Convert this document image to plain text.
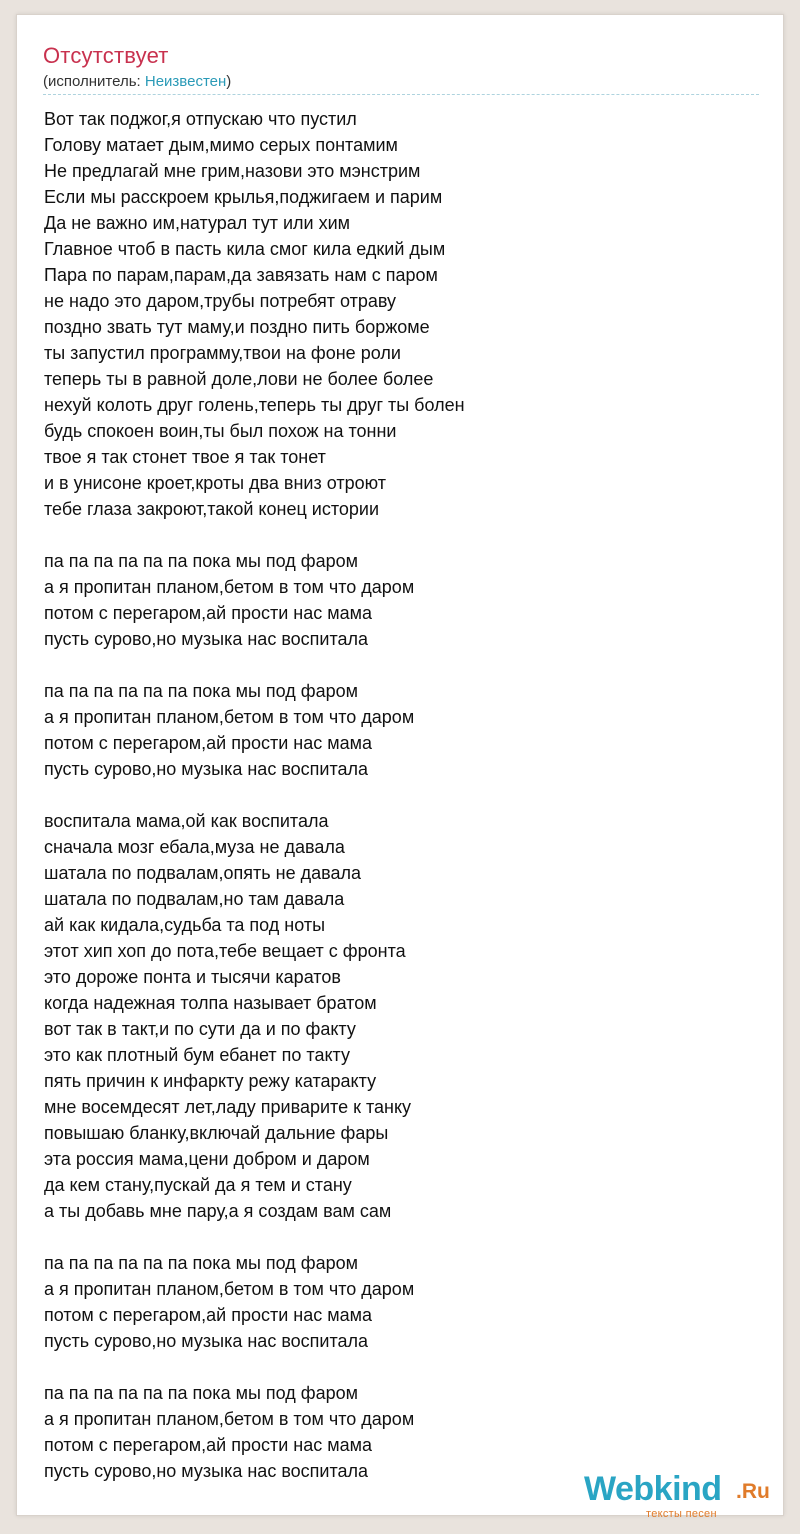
Отсутствует
(исполнитель: Неизвестен)
Вот так поджог,я отпускаю что пустил
Голову матает дым,мимо серых понтамим
Не предлагай мне грим,назови это мэнстрим
Если мы расскроем крылья,поджигаем и парим
Да не важно им,натурал тут или хим
Главное чтоб в пасть кила смог кила едкий дым
Пара по парам,парам,да завязать нам с паром
не надо это даром,трубы потребят отраву
поздно звать тут маму,и поздно пить боржоме
ты запустил программу,твои на фоне роли
теперь ты в равной доле,лови не более более
нехуй колоть друг голень,теперь ты друг ты болен
будь спокоен воин,ты был похож на тонни
твое я так стонет твое я так тонет
и в унисоне кроет,кроты два вниз отроют
тебе глаза закроют,такой конец истории
па па па па па па пока мы под фаром
а я пропитан планом,бетом в том что даром
потом с перегаром,ай прости нас мама
пусть сурово,но музыка нас воспитала
па па па па па па пока мы под фаром
а я пропитан планом,бетом в том что даром
потом с перегаром,ай прости нас мама
пусть сурово,но музыка нас воспитала
воспитала мама,ой как воспитала
сначала мозг ебала,муза не давала
шатала по подвалам,опять не давала
шатала по подвалам,но там давала
ай как кидала,судьба та под ноты
этот хип хоп до пота,тебе вещает с фронта
это дороже понта и тысячи каратов
когда надежная толпа называет братом
вот так в такт,и по сути да и по факту
это как плотный бум ебанет по такту
пять причин к инфаркту режу катаракту
мне восемдесят лет,ладу приварите к танку
повышаю бланку,включай дальние фары
эта россия мама,цени добром и даром
да кем стану,пускай да я тем и стану
а ты добавь мне пару,а я создам вам сам
па па па па па па пока мы под фаром
а я пропитан планом,бетом в том что даром
потом с перегаром,ай прости нас мама
пусть сурово,но музыка нас воспитала
па па па па па па пока мы под фаром
а я пропитан планом,бетом в том что даром
потом с перегаром,ай прости нас мама
пусть сурово,но музыка нас воспитала	Webkind .Ru
тексты песен
